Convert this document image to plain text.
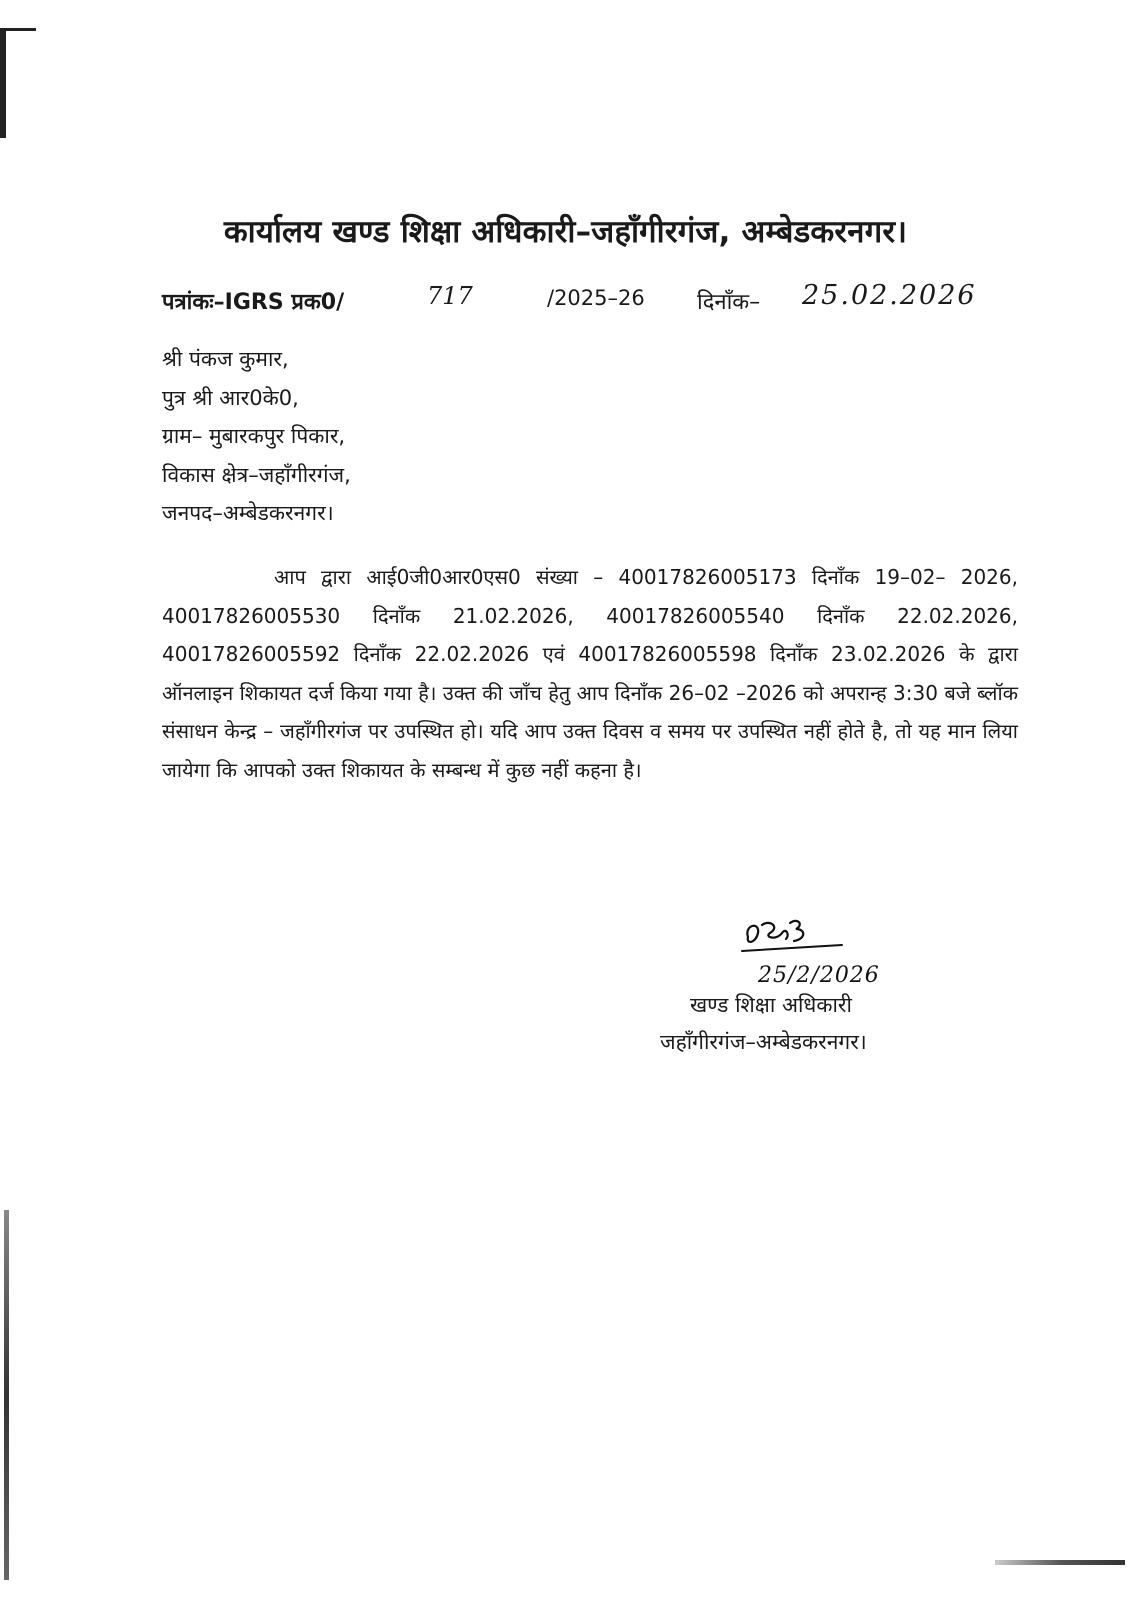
कार्यालय खण्ड शिक्षा अधिकारी–जहाँगीरगंज, अम्बेडकरनगर।
पत्रांकः–IGRS प्रक0/	717	/2025–26 दिनाँक– 25.02.2026
श्री पंकज कुमार,
पुत्र श्री आर0के0,
ग्राम– मुबारकपुर पिकार,
विकास क्षेत्र–जहाँगीरगंज,
जनपद–अम्बेडकरनगर।
आप द्वारा आई0जी0आर0एस0 संख्या – 40017826005173 दिनाँक 19–02– 2026, 40017826005530 दिनाँक 21.02.2026, 40017826005540 दिनाँक 22.02.2026, 40017826005592 दिनाँक 22.02.2026 एवं 40017826005598 दिनाँक 23.02.2026 के द्वारा ऑनलाइन शिकायत दर्ज किया गया है। उक्त की जाँच हेतु आप दिनाँक 26–02 –2026 को अपरान्ह 3:30 बजे ब्लॉक संसाधन केन्द्र – जहाँगीरगंज पर उपस्थित हो। यदि आप उक्त दिवस व समय पर उपस्थित नहीं होते है, तो यह मान लिया जायेगा कि आपको उक्त शिकायत के सम्बन्ध में कुछ नहीं कहना है।
25/2/2026
खण्ड शिक्षा अधिकारी
जहाँगीरगंज–अम्बेडकरनगर।
